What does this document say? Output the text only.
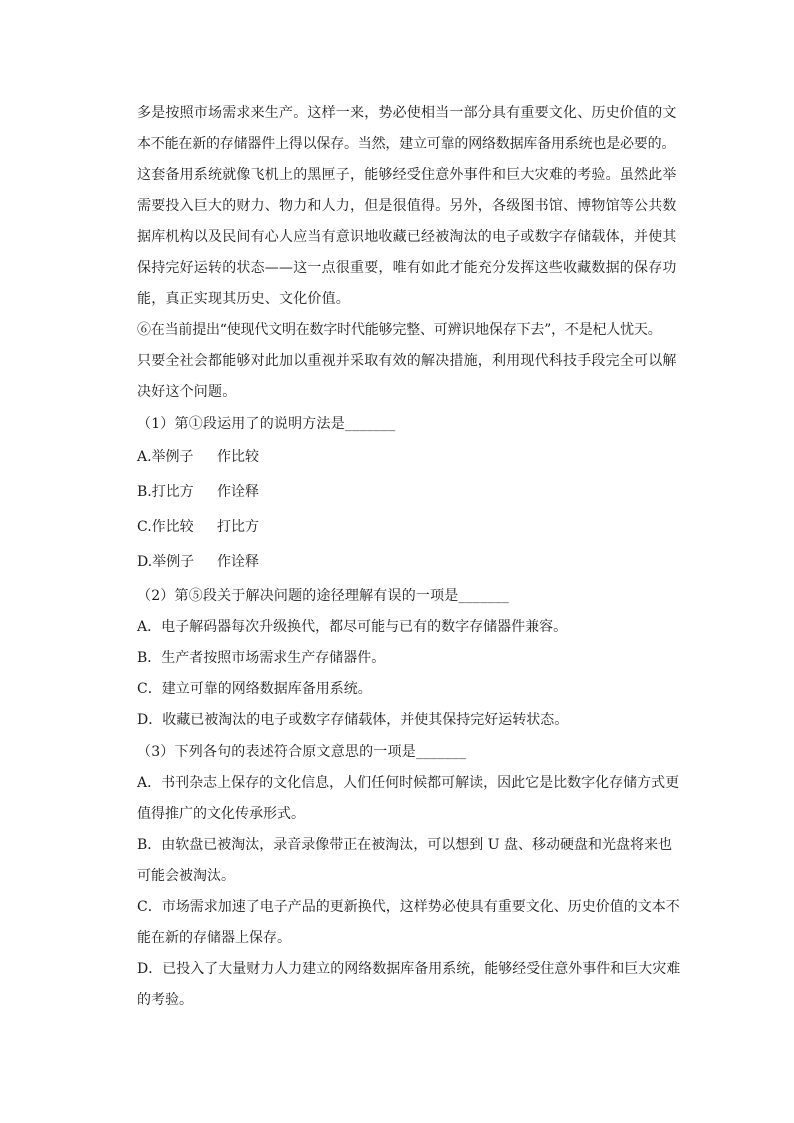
多是按照市场需求来生产。这样一来，势必使相当一部分具有重要文化、历史价值的文
本不能在新的存储器件上得以保存。当然，建立可靠的网络数据库备用系统也是必要的。
这套备用系统就像飞机上的黑匣子，能够经受住意外事件和巨大灾难的考验。虽然此举
需要投入巨大的财力、物力和人力，但是很值得。另外，各级图书馆、博物馆等公共数
据库机构以及民间有心人应当有意识地收藏已经被淘汰的电子或数字存储载体，并使其
保持完好运转的状态——这一点很重要，唯有如此才能充分发挥这些收藏数据的保存功
能，真正实现其历史、文化价值。
⑥在当前提出“使现代文明在数字时代能够完整、可辨识地保存下去”，不是杞人忧天。
只要全社会都能够对此加以重视并采取有效的解决措施，利用现代科技手段完全可以解
决好这个问题。
（1）第①段运用了的说明方法是_______
A.举例子 作比较
B.打比方 作诠释
C.作比较 打比方
D.举例子 作诠释
（2）第⑤段关于解决问题的途径理解有误的一项是_______
A．电子解码器每次升级换代，都尽可能与已有的数字存储器件兼容。
B．生产者按照市场需求生产存储器件。
C．建立可靠的网络数据库备用系统。
D．收藏已被淘汰的电子或数字存储载体，并使其保持完好运转状态。
（3）下列各句的表述符合原文意思的一项是_______
A．书刊杂志上保存的文化信息，人们任何时候都可解读，因此它是比数字化存储方式更
值得推广的文化传承形式。
B．由软盘已被淘汰，录音录像带正在被淘汰，可以想到 U 盘、移动硬盘和光盘将来也
可能会被淘汰。
C．市场需求加速了电子产品的更新换代，这样势必使具有重要文化、历史价值的文本不
能在新的存储器上保存。
D．已投入了大量财力人力建立的网络数据库备用系统，能够经受住意外事件和巨大灾难
的考验。
